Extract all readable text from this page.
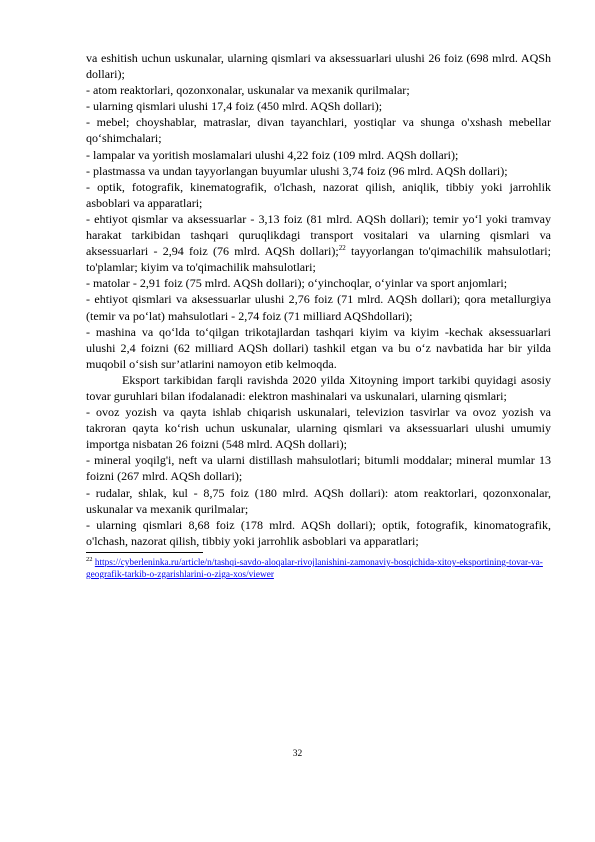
va eshitish uchun uskunalar, ularning qismlari va aksessuarlari ulushi 26 foiz (698 mlrd. AQSh dollari);

- atom reaktorlari, qozonxonalar, uskunalar va mexanik qurilmalar;

- ularning qismlari ulushi 17,4 foiz (450 mlrd. AQSh dollari);

- mebel; choyshablar, matraslar, divan tayanchlari, yostiqlar va shunga o'xshash mebellar qo‘shimchalari;

- lampalar va yoritish moslamalari ulushi 4,22 foiz (109 mlrd. AQSh dollari);

- plastmassa va undan tayyorlangan buyumlar ulushi 3,74 foiz (96 mlrd. AQSh dollari);

- optik, fotografik, kinematografik, o'lchash, nazorat qilish, aniqlik, tibbiy yoki jarrohlik asboblari va apparatlari;

- ehtiyot qismlar va aksessuarlar - 3,13 foiz (81 mlrd. AQSh dollari); temir yo‘l yoki tramvay harakat tarkibidan tashqari quruqlikdagi transport vositalari va ularning qismlari va aksessuarlari - 2,94 foiz (76 mlrd. AQSh dollari);$^{22}$ tayyorlangan to'qimachilik mahsulotlari; to'plamlar; kiyim va to'qimachilik mahsulotlari;

- matolar - 2,91 foiz (75 mlrd. AQSh dollari); o‘yinchoqlar, o‘yinlar va sport anjomlari;

- ehtiyot qismlari va aksessuarlar ulushi 2,76 foiz (71 mlrd. AQSh dollari); qora metallurgiya (temir va po‘lat) mahsulotlari - 2,74 foiz (71 milliard AQShdollari);

- mashina va qo‘lda to‘qilgan trikotajlardan tashqari kiyim va kiyim -kechak aksessuarlari ulushi 2,4 foizni (62 milliard AQSh dollari) tashkil etgan va bu o‘z navbatida har bir yilda muqobil o‘sish sur’atlarini namoyon etib kelmoqda.

Eksport tarkibidan farqli ravishda 2020 yilda Xitoyning import tarkibi quyidagi asosiy tovar guruhlari bilan ifodalanadi: elektron mashinalari va uskunalari, ularning qismlari;

- ovoz yozish va qayta ishlab chiqarish uskunalari, televizion tasvirlar va ovoz yozish va takroran qayta ko‘rish uchun uskunalar, ularning qismlari va aksessuarlari ulushi umumiy importga nisbatan 26 foizni (548 mlrd. AQSh dollari);

- mineral yoqilg'i, neft va ularni distillash mahsulotlari; bitumli moddalar; mineral mumlar 13 foizni (267 mlrd. AQSh dollari);

- rudalar, shlak, kul - 8,75 foiz (180 mlrd. AQSh dollari): atom reaktorlari, qozonxonalar, uskunalar va mexanik qurilmalar;

- ularning qismlari 8,68 foiz (178 mlrd. AQSh dollari); optik, fotografik, kinomatografik, o'lchash, nazorat qilish, tibbiy yoki jarrohlik asboblari va apparatlari;

$^{22}$ https://cyberleninka.ru/article/n/tashqi-savdo-aloqalar-rivojlanishini-zamonaviy-bosqichida-xitoy-eksportining-tovar-va-geografik-tarkib-o-zgarishlarini-o-ziga-xos/viewer
32
